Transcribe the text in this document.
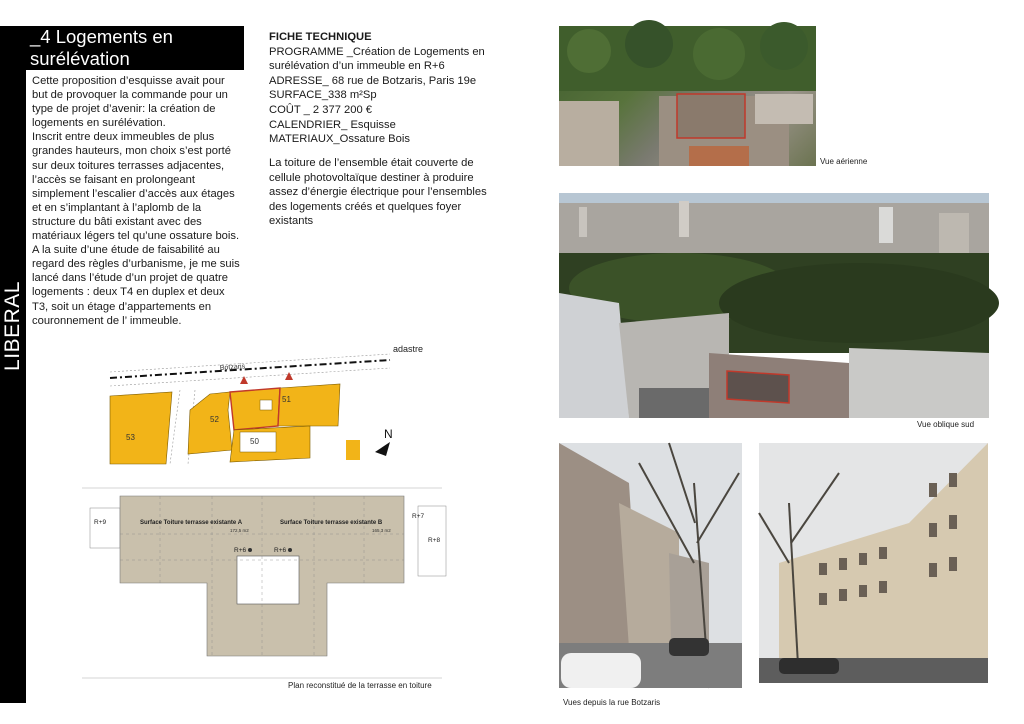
LIBERAL
_4 Logements en
surélévation

Cette proposition d’esquisse avait pour but de provoquer la commande pour un type de projet d’avenir: la création de logements en surélévation.

Inscrit entre deux immeubles de plus grandes hauteurs, mon choix s’est porté sur deux toitures terrasses adjacentes, l’accès se faisant en prolongeant simplement l’escalier d’accès aux étages et en s’implantant à l’aplomb de la structure du bâti existant avec des matériaux légers tel qu’une ossature bois.

A la suite d’une étude de faisabilité au regard des règles d’urbanisme, je me suis lancé dans l’étude d’un projet de quatre logements : deux T4 en duplex et deux T3, soit un étage d’appartements en couronnement de l’ immeuble.

FICHE TECHNIQUE
PROGRAMME _Création de Logements en surélévation d’un immeuble en R+6
ADRESSE_ 68 rue de Botzaris, Paris 19e
SURFACE_338 m²Sp
COÛT _ 2 377 200 €
CALENDRIER_ Esquisse
MATERIAUX_Ossature Bois
La toiture de l’ensemble était couverte de cellule photovoltaïque destiner à produire assez d’énergie électrique pour l’ensembles des logements créés et quelques foyer existants
adastre
Botzaris
53
52
51
50
N
Surface Toiture terrasse existante A
172,5 m2
Surface Toiture terrasse existante B
165,3 m2
R+9
R+7
R+8
R+6	R+6
Plan reconstitué de la terrasse en toiture
Vue aérienne
Vue oblique sud
Vues depuis la rue Botzaris
